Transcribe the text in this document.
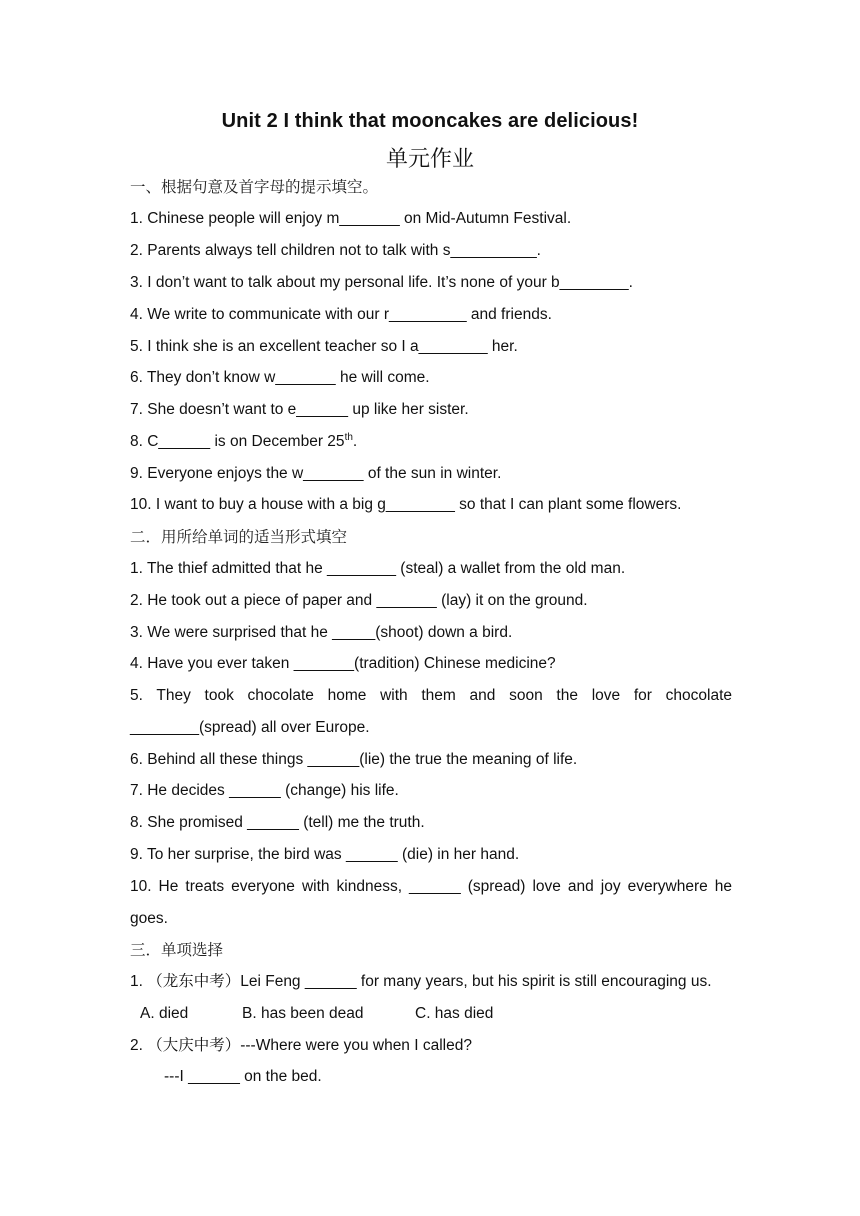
Unit 2 I think that mooncakes are delicious!
单元作业
一、根据句意及首字母的提示填空。
1. Chinese people will enjoy m_______ on Mid-Autumn Festival.
2. Parents always tell children not to talk with s__________.
3. I don’t want to talk about my personal life. It’s none of your b________.
4. We write to communicate with our r_________ and friends.
5. I think she is an excellent teacher so I a________ her.
6. They don’t know w_______ he will come.
7. She doesn’t want to e______ up like her sister.
8. C______ is on December 25th.
9. Everyone enjoys the w_______ of the sun in winter.
10. I want to buy a house with a big g________ so that I can plant some flowers.
二．用所给单词的适当形式填空
1. The thief admitted that he ________ (steal) a wallet from the old man.
2. He took out a piece of paper and _______ (lay) it on the ground.
3. We were surprised that he _____(shoot) down a bird.
4. Have you ever taken _______(tradition) Chinese medicine?
5. They took chocolate home with them and soon the love for chocolate
________(spread) all over Europe.
6. Behind all these things ______(lie) the true the meaning of life.
7. He decides ______ (change) his life.
8. She promised ______ (tell) me the truth.
9. To her surprise, the bird was ______ (die) in her hand.
10. He treats everyone with kindness, ______ (spread) love and joy everywhere he
goes.
三．单项选择
1. （龙东中考）Lei Feng ______ for many years, but his spirit is still encouraging us.
A. died	B. has been dead	C. has died
2. （大庆中考）---Where were you when I called?
---I ______ on the bed.
